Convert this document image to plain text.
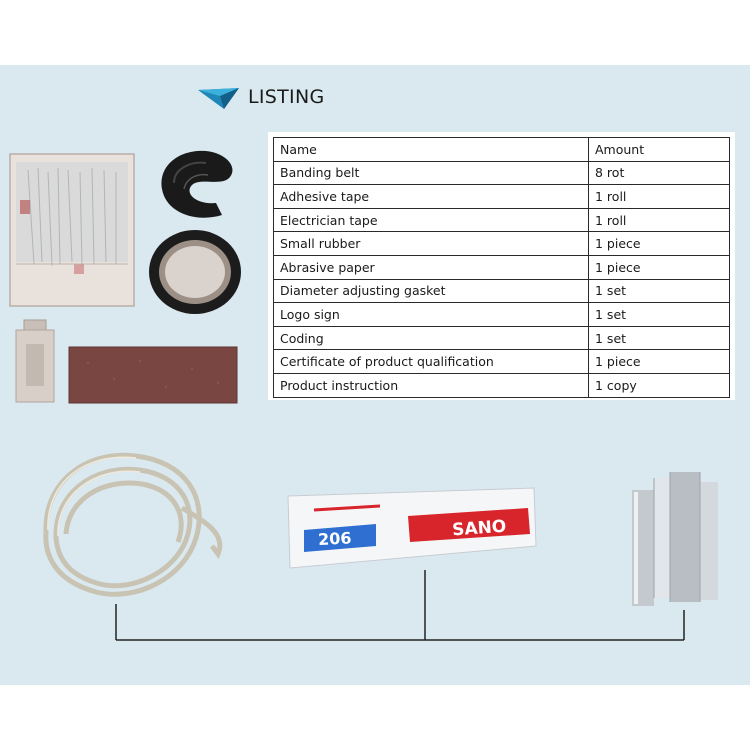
LISTING
Name	Amount
Banding belt	8 rot
Adhesive tape	1 roll
Electrician tape	1 roll
Small rubber	1 piece
Abrasive paper	1 piece
Diameter adjusting gasket	1 set
Logo sign	1 set
Coding	1 set
Certificate of product qualification	1 piece
Product instruction	1 copy
206	SANO
